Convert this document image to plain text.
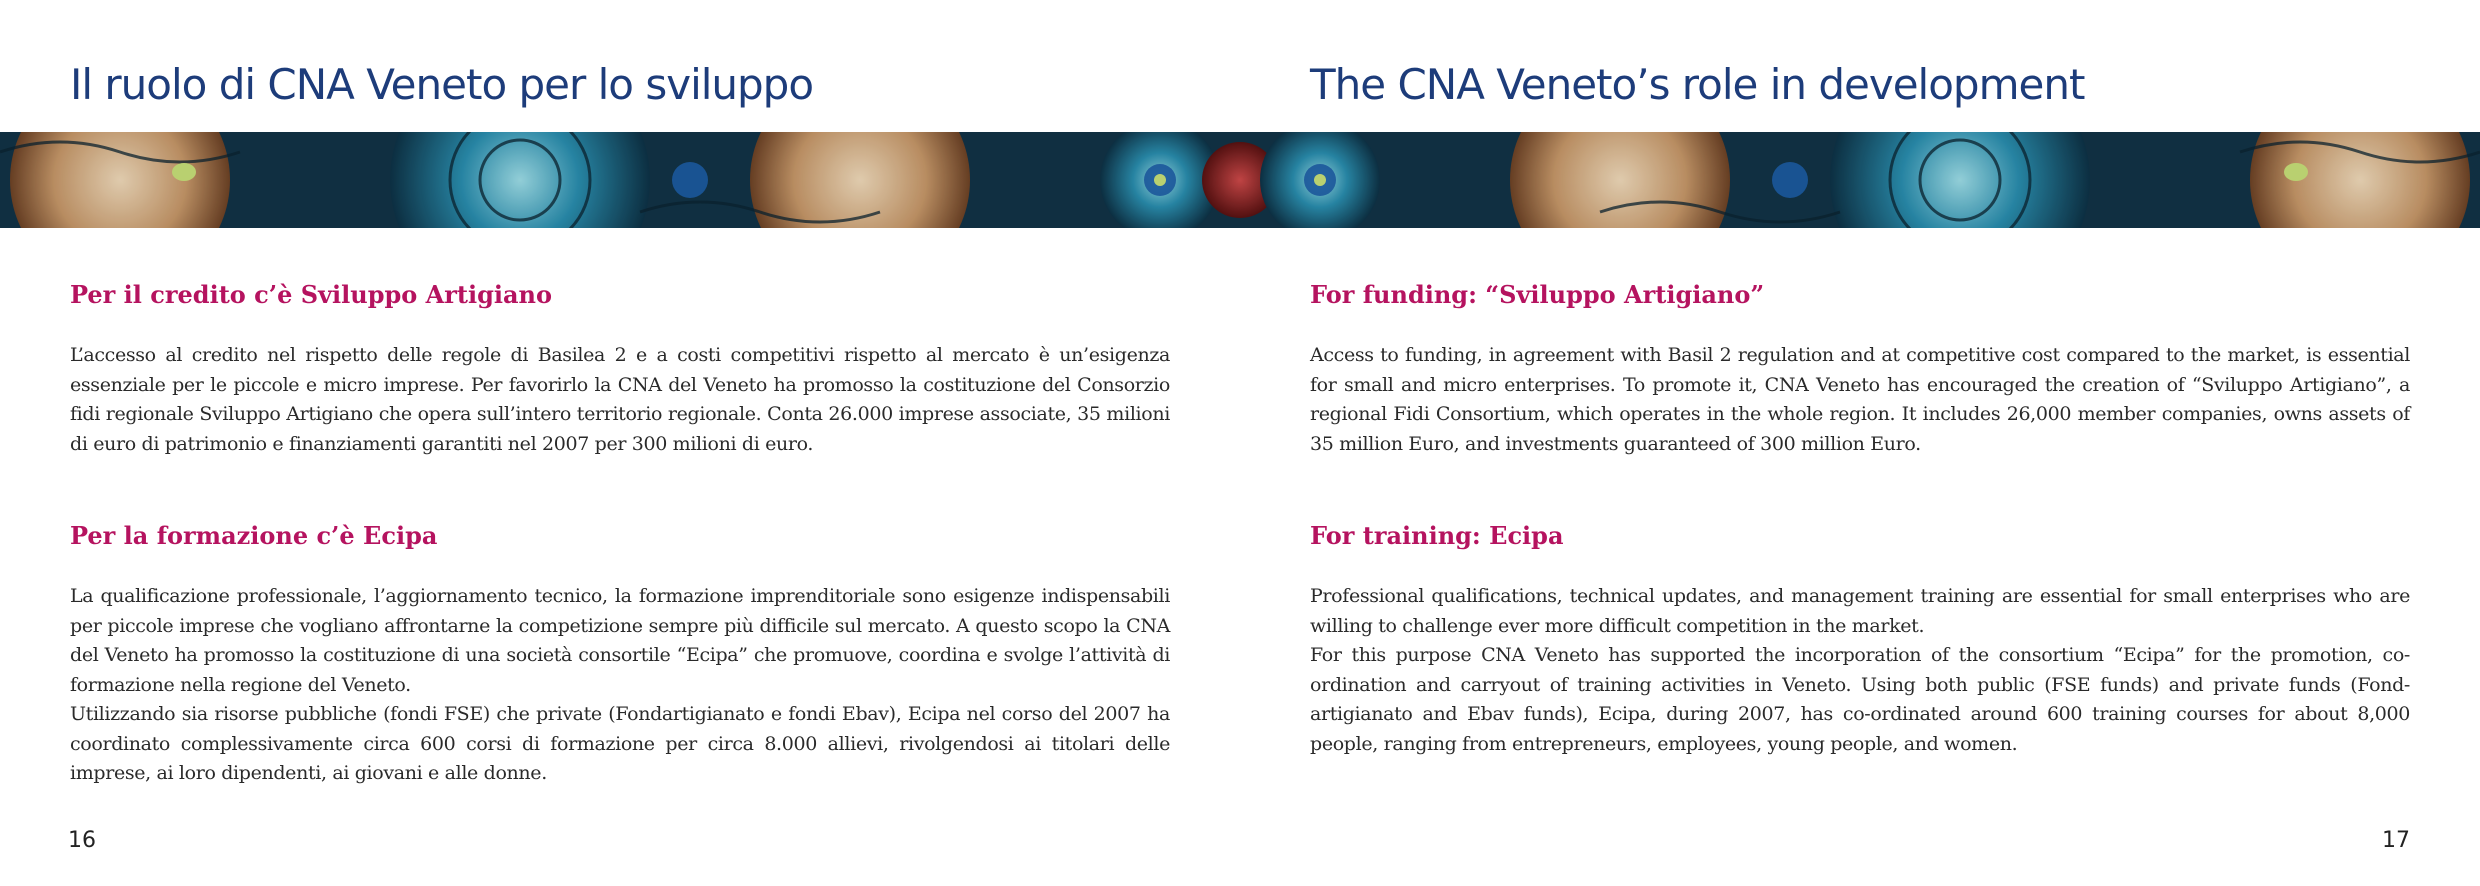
Il ruolo di CNA Veneto per lo sviluppo
Per il credito c’è Sviluppo Artigiano

L’accesso al credito nel rispetto delle regole di Basilea 2 e a costi competitivi rispetto al mercato è un’esigenza essenziale per le piccole e micro imprese. Per favorirlo la CNA del Veneto ha promosso la costituzione del Consorzio fidi regionale Sviluppo Artigiano che opera sull’intero territorio regionale. Conta 26.000 imprese associate, 35 milioni di euro di patrimonio e finanziamenti garantiti nel 2007 per 300 milioni di euro.

Per la formazione c’è Ecipa

La qualificazione professionale, l’aggiornamento tecnico, la formazione imprenditoriale sono esigenze indispensabili per piccole imprese che vogliano affrontarne la competizione sempre più difficile sul mercato. A questo scopo la CNA del Veneto ha promosso la costituzione di una società consortile “Ecipa” che promuove, coordina e svolge l’attività di formazione nella regione del Veneto.

Utilizzando sia risorse pubbliche (fondi FSE) che private (Fondartigianato e fondi Ebav), Ecipa nel corso del 2007 ha coordinato complessivamente circa 600 corsi di formazione per circa 8.000 allievi, rivolgendosi ai titolari delle imprese, ai loro dipendenti, ai giovani e alle donne.

16
The CNA Veneto’s role in development
For funding: “Sviluppo Artigiano”

Access to funding, in agreement with Basil 2 regulation and at competitive cost compared to the market, is essential for small and micro enterprises. To promote it, CNA Veneto has encouraged the creation of “Sviluppo Artigiano”, a regional Fidi Consortium, which operates in the whole region. It includes 26,000 member companies, owns assets of 35 million Euro, and investments guaranteed of 300 million Euro.

For training: Ecipa

Professional qualifications, technical updates, and management training are essential for small enterprises who are willing to challenge ever more difficult competition in the market.

For this purpose CNA Veneto has supported the incorporation of the consortium “Ecipa” for the promotion, co-ordination and carryout of training activities in Veneto. Using both public (FSE funds) and private funds (Fond-artigianato and Ebav funds), Ecipa, during 2007, has co-ordinated around 600 training courses for about 8,000 people, ranging from entrepreneurs, employees, young people, and women.

17
